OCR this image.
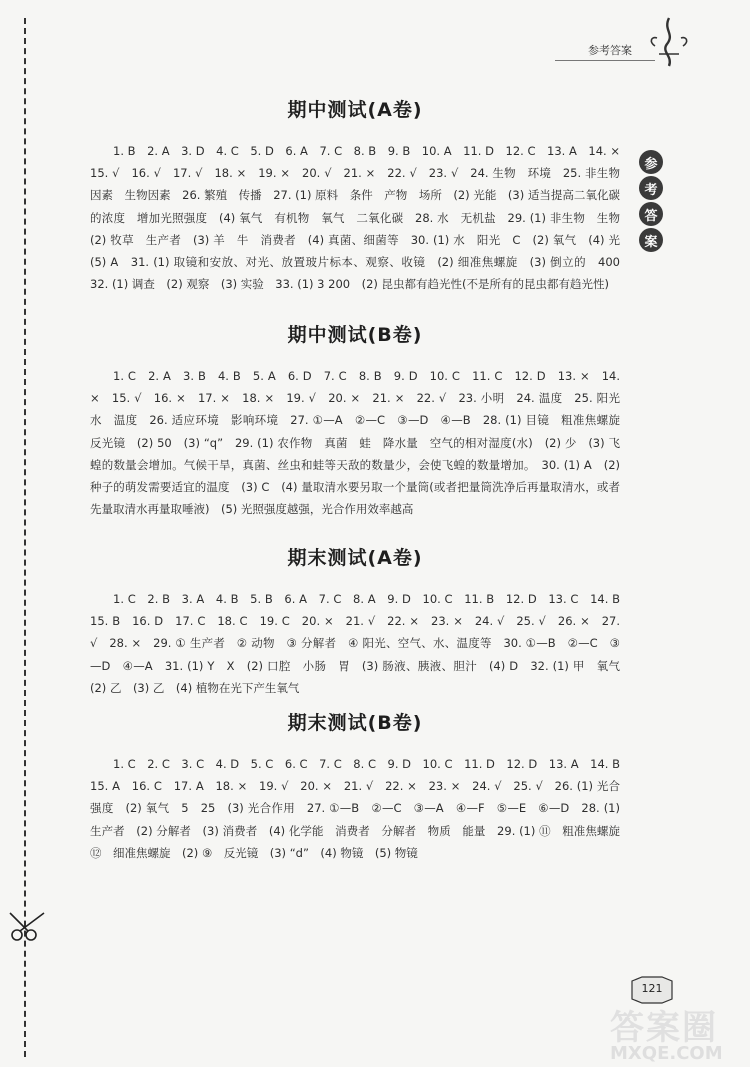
参考答案
参
考
答
案
期中测试(A卷)

1. B　2. A　3. D　4. C　5. D　6. A　7. C　8. B　9. B　10. A　11. D　12. C　13. A　14. ×　15. √　16. √　17. √　18. ×　19. ×　20. √　21. ×　22. √　23. √　24. 生物　环境　25. 非生物因素　生物因素　26. 繁殖　传播　27. (1) 原料　条件　产物　场所　(2) 光能　(3) 适当提高二氧化碳的浓度　增加光照强度　(4) 氧气　有机物　氧气　二氧化碳　28. 水　无机盐　29. (1) 非生物　生物　(2) 牧草　生产者　(3) 羊　牛　消费者　(4) 真菌、细菌等　30. (1) 水　阳光　C　(2) 氧气　(4) 光　(5) A　31. (1) 取镜和安放、对光、放置玻片标本、观察、收镜　(2) 细准焦螺旋　(3) 倒立的　400　32. (1) 调查　(2) 观察　(3) 实验　33. (1) 3 200　(2) 昆虫都有趋光性(不是所有的昆虫都有趋光性)

期中测试(B卷)

1. C　2. A　3. B　4. B　5. A　6. D　7. C　8. B　9. D　10. C　11. C　12. D　13. ×　14. ×　15. √　16. ×　17. ×　18. ×　19. √　20. ×　21. ×　22. √　23. 小明　24. 温度　25. 阳光　水　温度　26. 适应环境　影响环境　27. ①—A　②—C　③—D　④—B　28. (1) 目镜　粗准焦螺旋　反光镜　(2) 50　(3) “q”　29. (1) 农作物　真菌　蛙　降水量　空气的相对湿度(水)　(2) 少　(3) 飞蝗的数量会增加。气候干旱，真菌、丝虫和蛙等天敌的数量少，会使飞蝗的数量增加。　30. (1) A　(2) 种子的萌发需要适宜的温度　(3) C　(4) 量取清水要另取一个量筒(或者把量筒洗净后再量取清水，或者先量取清水再量取唾液)　(5) 光照强度越强，光合作用效率越高

期末测试(A卷)

1. C　2. B　3. A　4. B　5. B　6. A　7. C　8. A　9. D　10. C　11. B　12. D　13. C　14. B　15. B　16. D　17. C　18. C　19. C　20. ×　21. √　22. ×　23. ×　24. √　25. √　26. ×　27. √　28. ×　29. ① 生产者　② 动物　③ 分解者　④ 阳光、空气、水、温度等　30. ①—B　②—C　③—D　④—A　31. (1) Y　X　(2) 口腔　小肠　胃　(3) 肠液、胰液、胆汁　(4) D　32. (1) 甲　氧气　(2) 乙　(3) 乙　(4) 植物在光下产生氧气

期末测试(B卷)

1. C　2. C　3. C　4. D　5. C　6. C　7. C　8. C　9. D　10. C　11. D　12. D　13. A　14. B　15. A　16. C　17. A　18. ×　19. √　20. ×　21. √　22. ×　23. ×　24. √　25. √　26. (1) 光合　强度　(2) 氧气　5　25　(3) 光合作用　27. ①—B　②—C　③—A　④—F　⑤—E　⑥—D　28. (1) 生产者　(2) 分解者　(3) 消费者　(4) 化学能　消费者　分解者　物质　能量　29. (1) ⑪　粗准焦螺旋　⑫　细准焦螺旋　(2) ⑨　反光镜　(3) “d”　(4) 物镜　(5) 物镜

121
答案圈
MXQE.COM
